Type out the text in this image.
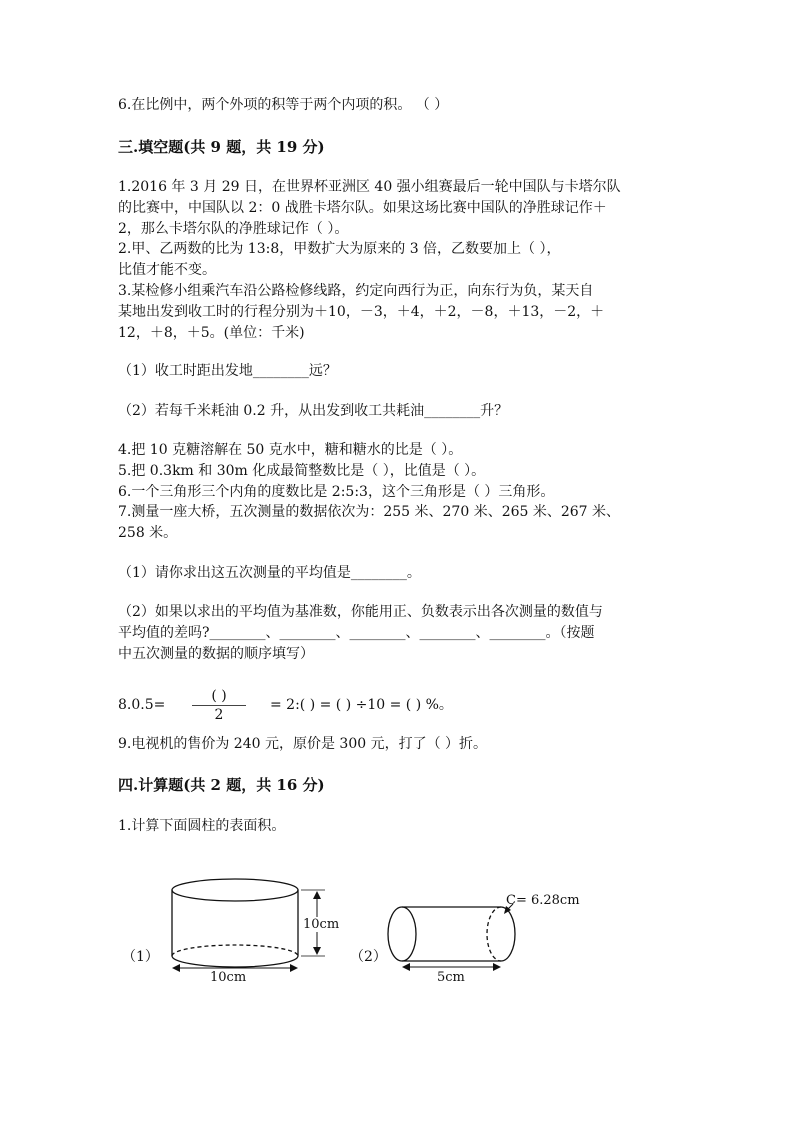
6.在比例中，两个外项的积等于两个内项的积。 （ ）
三.填空题(共 9 题，共 19 分)
1.2016 年 3 月 29 日，在世界杯亚洲区 40 强小组赛最后一轮中国队与卡塔尔队
的比赛中，中国队以 2：0 战胜卡塔尔队。如果这场比赛中国队的净胜球记作＋
2，那么卡塔尔队的净胜球记作（ ）。
2.甲、乙两数的比为 13:8，甲数扩大为原来的 3 倍，乙数要加上（ ），
比值才能不变。
3.某检修小组乘汽车沿公路检修线路，约定向西行为正，向东行为负，某天自
某地出发到收工时的行程分别为＋10，－3，＋4，＋2，－8，＋13，－2，＋
12，＋8，＋5。(单位：千米)
（1）收工时距出发地________远？
（2）若每千米耗油 0.2 升，从出发到收工共耗油________升？
4.把 10 克糖溶解在 50 克水中，糖和糖水的比是（ ）。
5.把 0.3km 和 30m 化成最简整数比是（ ），比值是（ ）。
6.一个三角形三个内角的度数比是 2:5:3，这个三角形是（ ）三角形。
7.测量一座大桥，五次测量的数据依次为：255 米、270 米、265 米、267 米、
258 米。
（1）请你求出这五次测量的平均值是________。
（2）如果以求出的平均值为基准数，你能用正、负数表示出各次测量的数值与
平均值的差吗?________、________、________、________、________。（按题
中五次测量的数据的顺序填写）
8.0.5=
( )
2
= 2:( ) = ( ) ÷10 = ( ) %。
9.电视机的售价为 240 元，原价是 300 元，打了（ ）折。
四.计算题(共 2 题，共 16 分)
1.计算下面圆柱的表面积。
（1）
10cm
10cm
（2）
C= 6.28cm
5cm
